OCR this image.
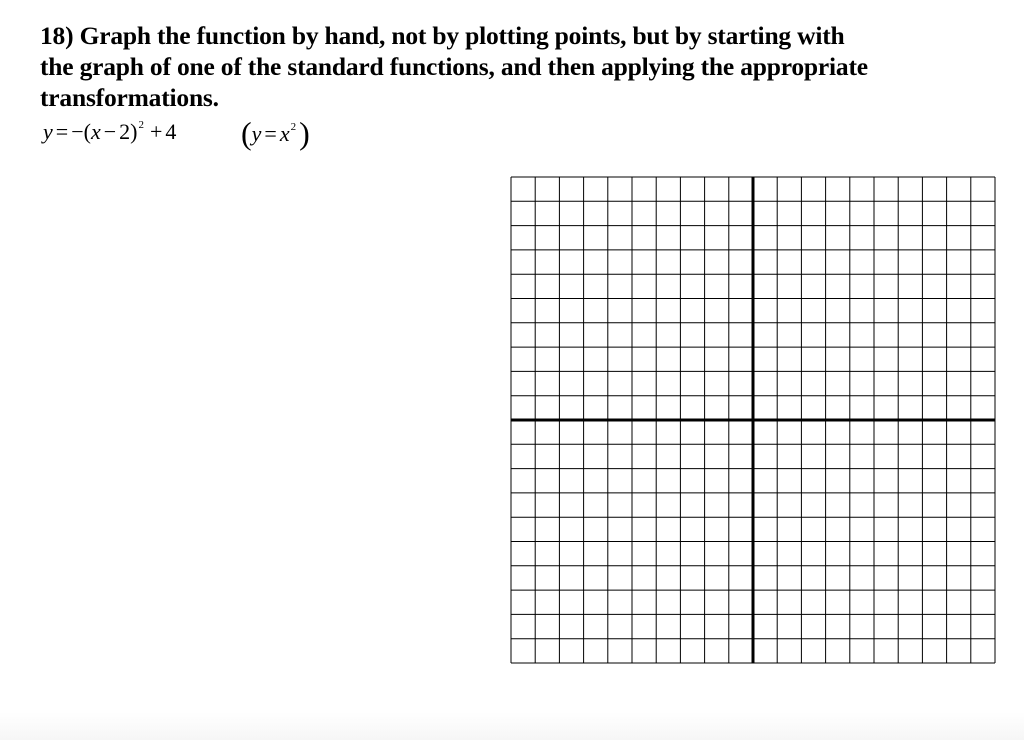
18) Graph the function by hand, not by plotting points, but by starting with the graph of one of the standard functions, and then applying the appropriate transformations.
$y = -(x - 2)^2 + 4$ $(y = x^2)$
